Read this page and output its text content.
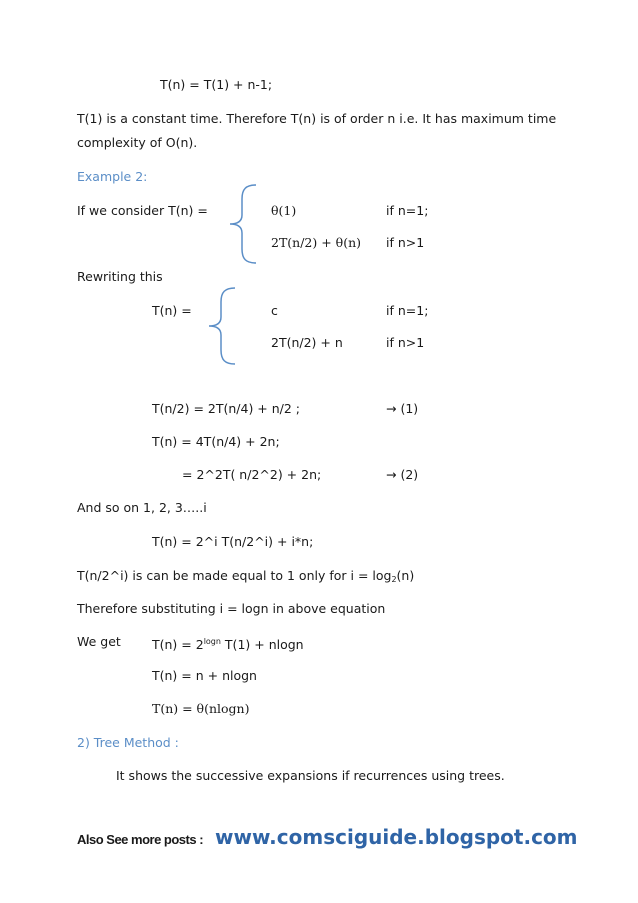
T(n) = T(1) + n-1;
T(1) is a constant time. Therefore T(n) is of order n i.e. It has maximum time
complexity of O(n).
Example 2:
If we consider T(n) =	θ(1)	if n=1;
2T(n/2) + θ(n) if n>1
Rewriting this
T(n) =	c	if n=1;
2T(n/2) + n	if n>1
T(n/2) = 2T(n/4) + n/2 ;	→ (1)
T(n) = 4T(n/4) + 2n;
= 2^2T( n/2^2) + 2n;	→ (2)
And so on 1, 2, 3…..i
T(n) = 2^i T(n/2^i) + i*n;
T(n/2^i) is can be made equal to 1 only for $i = \log_2(n)$
Therefore substituting i = logn in above equation
We get $T(n) = 2^{logn}$ T(1) + nlogn
T(n) = n + nlogn
T(n) = θ(nlogn)
2) Tree Method :
It shows the successive expansions if recurrences using trees.
Also See more posts : www.comsciguide.blogspot.com
